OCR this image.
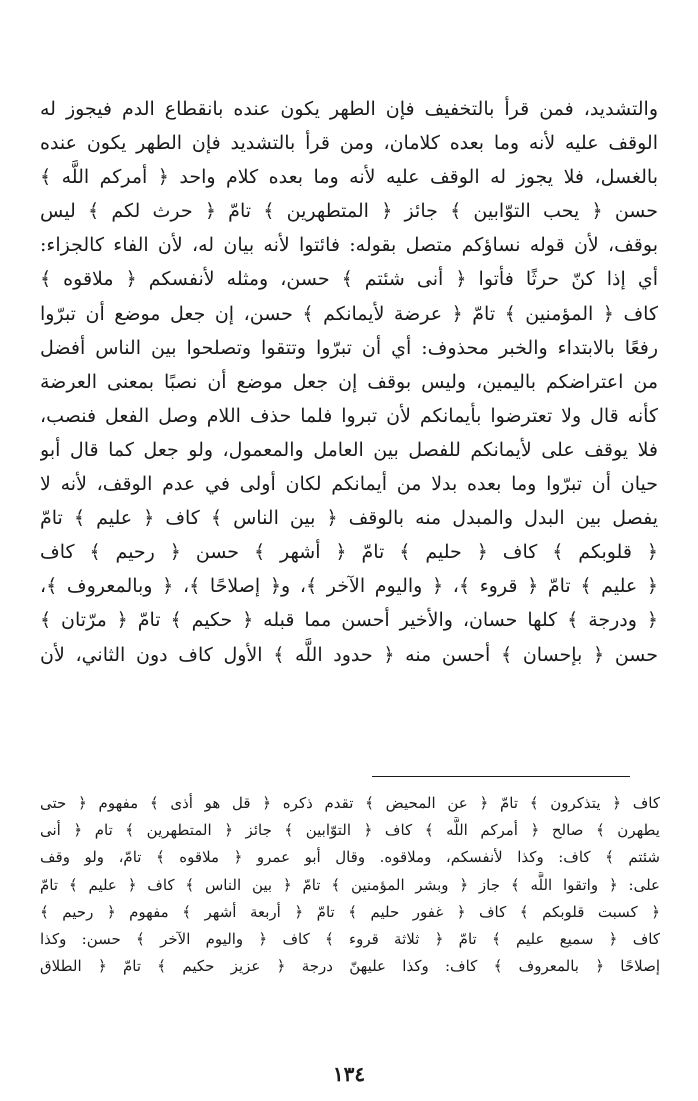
والتشديد، فمن قرأ بالتخفيف فإن الطهر يكون عنده بانقطاع الدم فيجوز له
الوقف عليه لأنه وما بعده كلامان، ومن قرأ بالتشديد فإن الطهر يكون عنده
بالغسل، فلا يجوز له الوقف عليه لأنه وما بعده كلام واحد ﴿ أمركم اللَّه ﴾
حسن ﴿ يحب التوّابين ﴾ جائز ﴿ المتطهرين ﴾ تامّ ﴿ حرث لكم ﴾ ليس
بوقف، لأن قوله نساؤكم متصل بقوله: فائتوا لأنه بيان له، لأن الفاء كالجزاء:
أي إذا كنّ حرثًا فأتوا ﴿ أنى شئتم ﴾ حسن، ومثله لأنفسكم ﴿ ملاقوه ﴾
كاف ﴿ المؤمنين ﴾ تامّ ﴿ عرضة لأيمانكم ﴾ حسن، إن جعل موضع أن تبرّوا
رفعًا بالابتداء والخبر محذوف: أي أن تبرّوا وتتقوا وتصلحوا بين الناس أفضل
من اعتراضكم باليمين، وليس بوقف إن جعل موضع أن نصبًا بمعنى العرضة
كأنه قال ولا تعترضوا بأيمانكم لأن تبروا فلما حذف اللام وصل الفعل فنصب،
فلا يوقف على لأيمانكم للفصل بين العامل والمعمول، ولو جعل كما قال أبو
حيان أن تبرّوا وما بعده بدلا من أيمانكم لكان أولى في عدم الوقف، لأنه لا
يفصل بين البدل والمبدل منه بالوقف ﴿ بين الناس ﴾ كاف ﴿ عليم ﴾ تامّ
﴿ قلوبكم ﴾ كاف ﴿ حليم ﴾ تامّ ﴿ أشهر ﴾ حسن ﴿ رحيم ﴾ كاف
﴿ عليم ﴾ تامّ ﴿ قروء ﴾، ﴿ واليوم الآخر ﴾، و﴿ إصلاحًا ﴾، ﴿ وبالمعروف ﴾،
﴿ ودرجة ﴾ كلها حسان، والأخير أحسن مما قبله ﴿ حكيم ﴾ تامّ ﴿ مرّتان ﴾
حسن ﴿ بإحسان ﴾ أحسن منه ﴿ حدود اللَّه ﴾ الأول كاف دون الثاني، لأن
كاف ﴿ يتذكرون ﴾ تامّ ﴿ عن المحيض ﴾ تقدم ذكره ﴿ قل هو أذى ﴾ مفهوم ﴿ حتى
يطهرن ﴾ صالح ﴿ أمركم اللَّه ﴾ كاف ﴿ التوّابين ﴾ جائز ﴿ المتطهرين ﴾ تام ﴿ أنى
شئتم ﴾ كاف: وكذا لأنفسكم، وملاقوه. وقال أبو عمرو ﴿ ملاقوه ﴾ تامّ، ولو وقف
على: ﴿ واتقوا اللَّه ﴾ جاز ﴿ وبشر المؤمنين ﴾ تامّ ﴿ بين الناس ﴾ كاف ﴿ عليم ﴾ تامّ
﴿ كسبت قلوبكم ﴾ كاف ﴿ غفور حليم ﴾ تامّ ﴿ أربعة أشهر ﴾ مفهوم ﴿ رحيم ﴾
كاف ﴿ سميع عليم ﴾ تامّ ﴿ ثلاثة قروء ﴾ كاف ﴿ واليوم الآخر ﴾ حسن: وكذا
إصلاحًا ﴿ بالمعروف ﴾ كاف: وكذا عليهنّ درجة ﴿ عزيز حكيم ﴾ تامّ ﴿ الطلاق
١٣٤
